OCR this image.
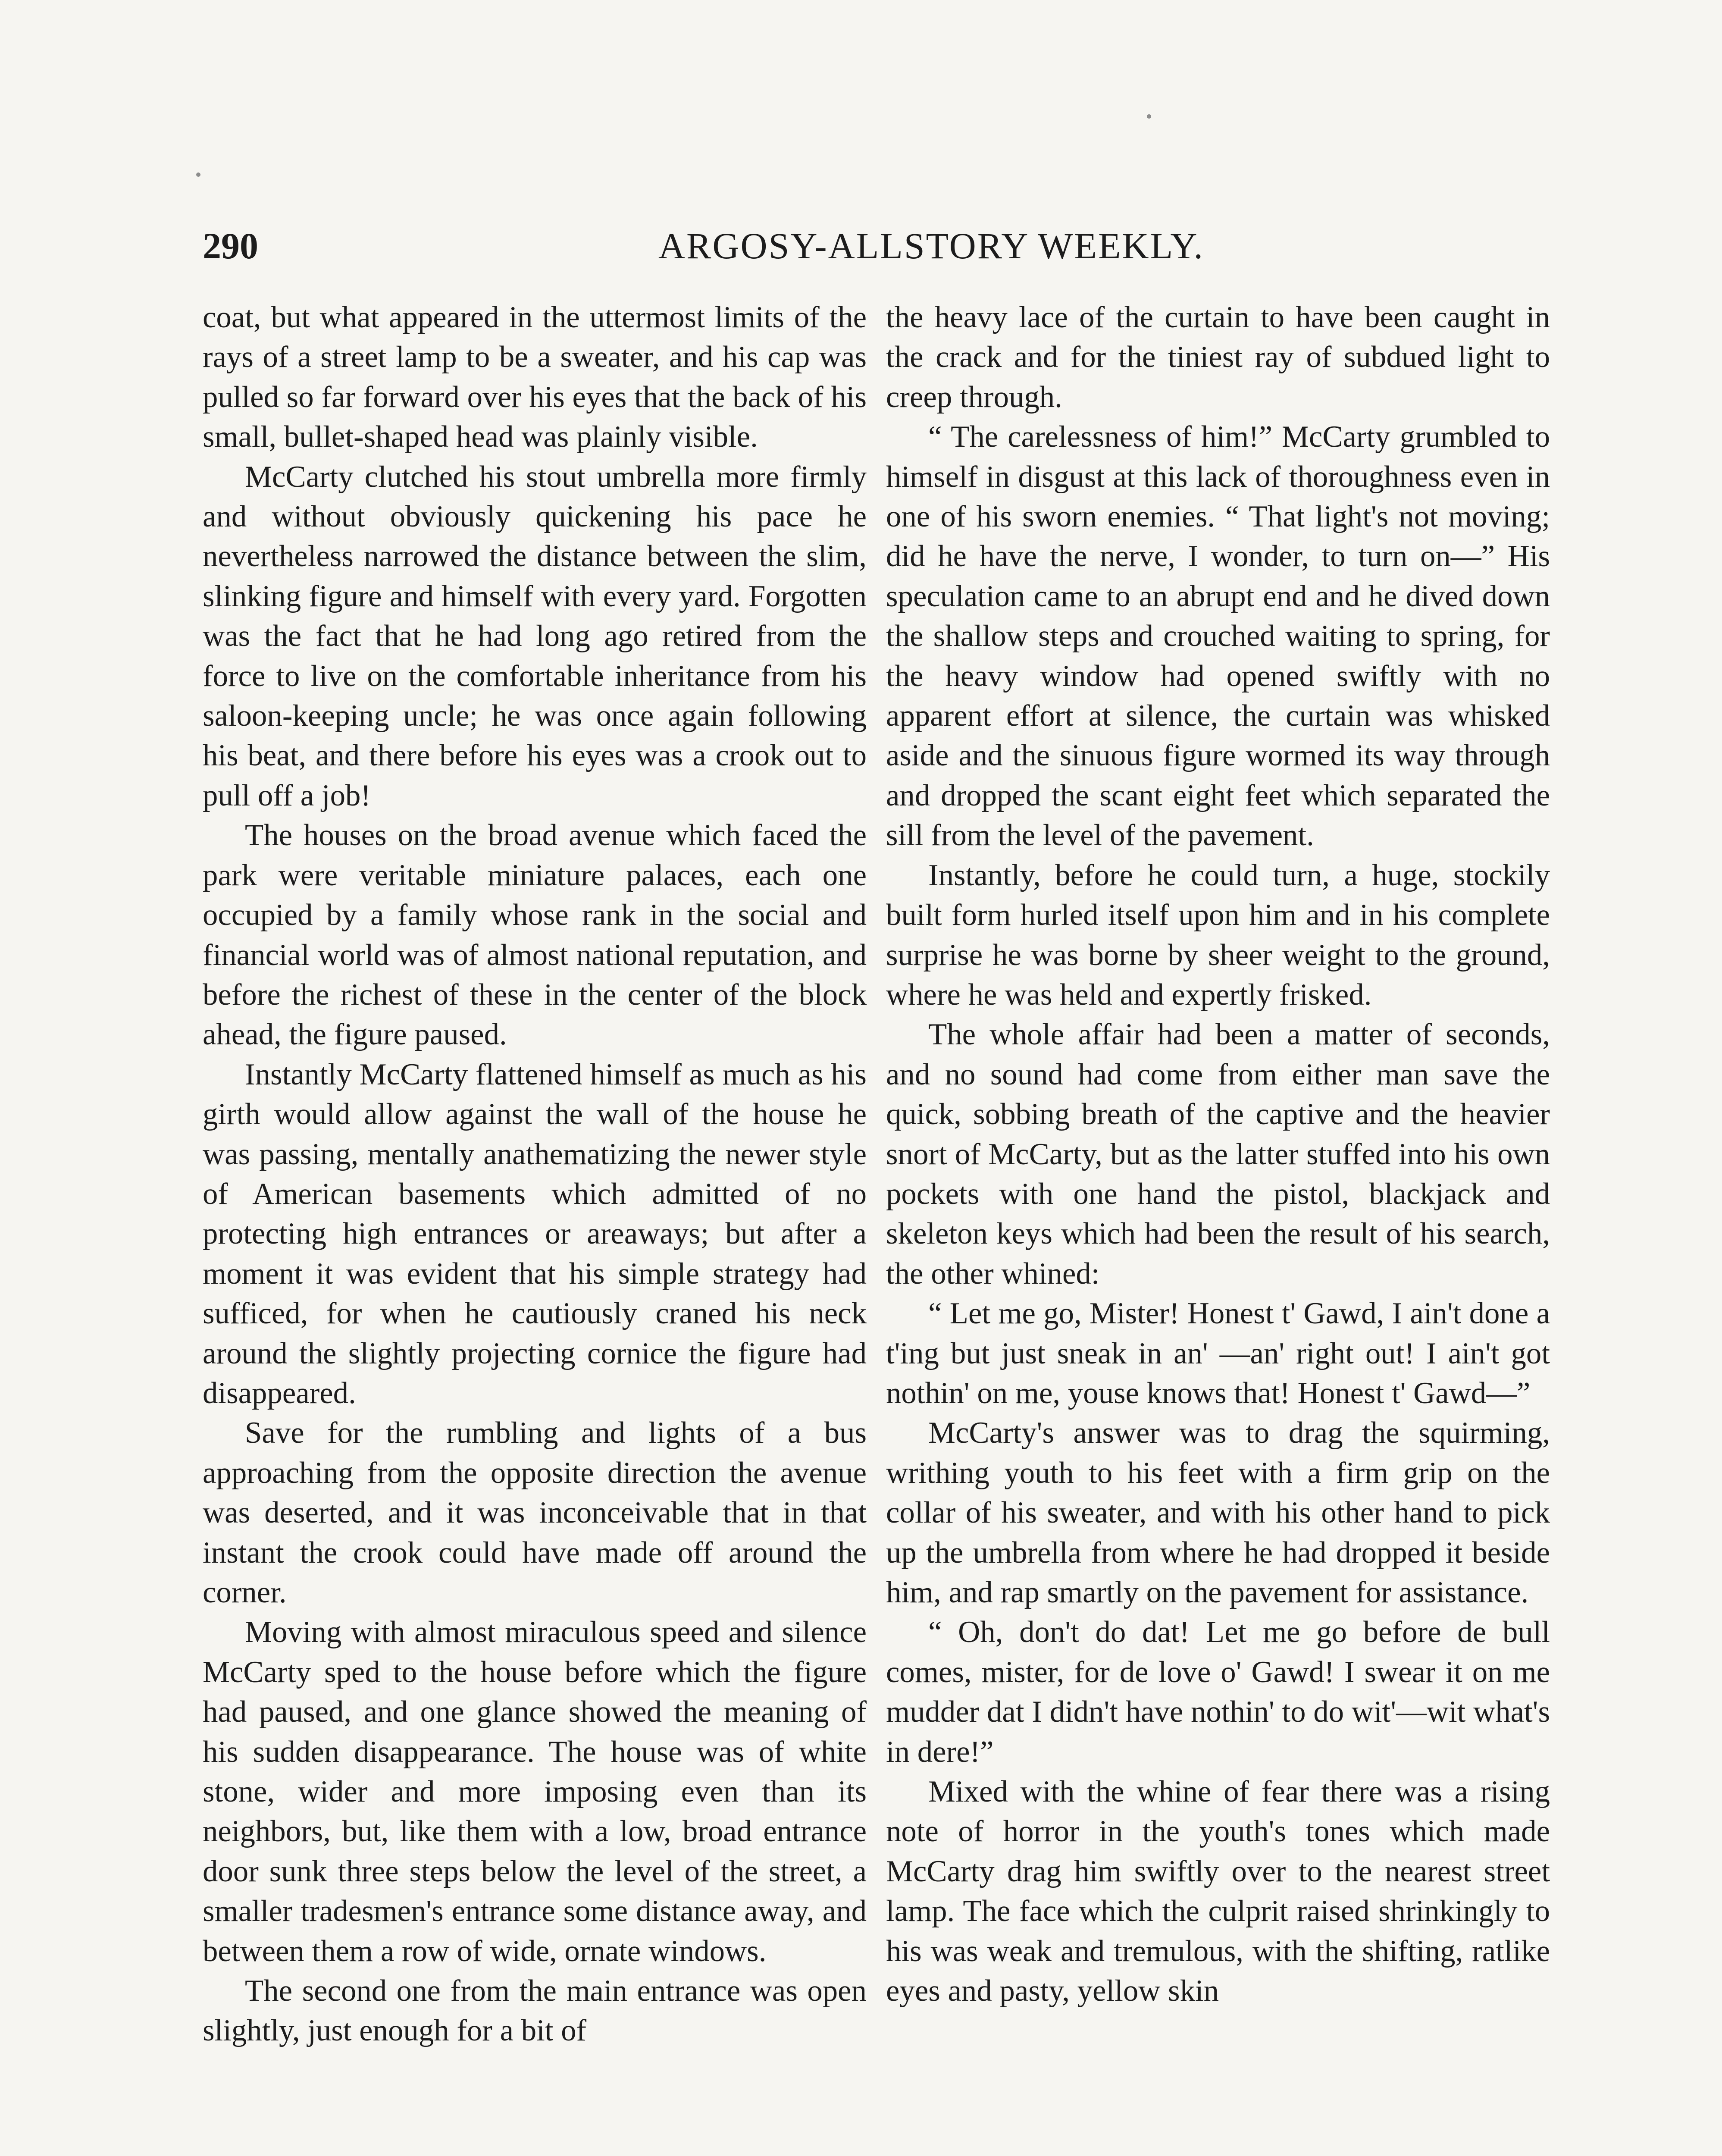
290	ARGOSY-ALLSTORY WEEKLY.

coat, but what appeared in the uttermost limits of the rays of a street lamp to be a sweater, and his cap was pulled so far forward over his eyes that the back of his small, bullet-shaped head was plainly visible.

McCarty clutched his stout umbrella more firmly and without obviously quickening his pace he nevertheless narrowed the distance between the slim, slinking figure and himself with every yard. Forgotten was the fact that he had long ago retired from the force to live on the comfortable inheritance from his saloon-keeping uncle; he was once again following his beat, and there before his eyes was a crook out to pull off a job!

The houses on the broad avenue which faced the park were veritable miniature palaces, each one occupied by a family whose rank in the social and financial world was of almost national reputation, and before the richest of these in the center of the block ahead, the figure paused.

Instantly McCarty flattened himself as much as his girth would allow against the wall of the house he was passing, mentally anathematizing the newer style of American basements which admitted of no protecting high entrances or areaways; but after a moment it was evident that his simple strategy had sufficed, for when he cautiously craned his neck around the slightly projecting cornice the figure had disappeared.

Save for the rumbling and lights of a bus approaching from the opposite direction the avenue was deserted, and it was inconceivable that in that instant the crook could have made off around the corner.

Moving with almost miraculous speed and silence McCarty sped to the house before which the figure had paused, and one glance showed the meaning of his sudden disappearance. The house was of white stone, wider and more imposing even than its neighbors, but, like them with a low, broad entrance door sunk three steps below the level of the street, a smaller tradesmen's entrance some distance away, and between them a row of wide, ornate windows.

The second one from the main entrance was open slightly, just enough for a bit of

the heavy lace of the curtain to have been caught in the crack and for the tiniest ray of subdued light to creep through.

“ The carelessness of him!” McCarty grumbled to himself in disgust at this lack of thoroughness even in one of his sworn enemies. “ That light's not moving; did he have the nerve, I wonder, to turn on—” His speculation came to an abrupt end and he dived down the shallow steps and crouched waiting to spring, for the heavy window had opened swiftly with no apparent effort at silence, the curtain was whisked aside and the sinuous figure wormed its way through and dropped the scant eight feet which separated the sill from the level of the pavement.

Instantly, before he could turn, a huge, stockily built form hurled itself upon him and in his complete surprise he was borne by sheer weight to the ground, where he was held and expertly frisked.

The whole affair had been a matter of seconds, and no sound had come from either man save the quick, sobbing breath of the captive and the heavier snort of McCarty, but as the latter stuffed into his own pockets with one hand the pistol, blackjack and skeleton keys which had been the result of his search, the other whined:

“ Let me go, Mister! Honest t' Gawd, I ain't done a t'ing but just sneak in an' —an' right out! I ain't got nothin' on me, youse knows that! Honest t' Gawd—”

McCarty's answer was to drag the squirming, writhing youth to his feet with a firm grip on the collar of his sweater, and with his other hand to pick up the umbrella from where he had dropped it beside him, and rap smartly on the pavement for assistance.

“ Oh, don't do dat! Let me go before de bull comes, mister, for de love o' Gawd! I swear it on me mudder dat I didn't have nothin' to do wit'—wit what's in dere!”

Mixed with the whine of fear there was a rising note of horror in the youth's tones which made McCarty drag him swiftly over to the nearest street lamp. The face which the culprit raised shrinkingly to his was weak and tremulous, with the shifting, ratlike eyes and pasty, yellow skin
